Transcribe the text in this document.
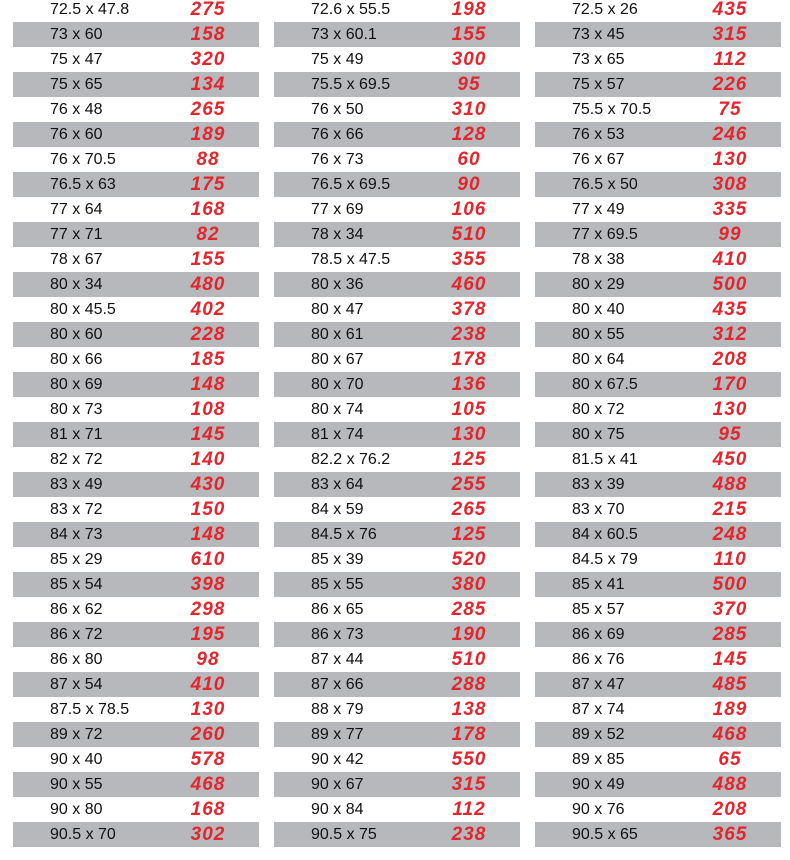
72.5 x 47.8	275
73 x 60	158
75 x 47	320
75 x 65	134
76 x 48	265
76 x 60	189
76 x 70.5	88
76.5 x 63	175
77 x 64	168
77 x 71	82
78 x 67	155
80 x 34	480
80 x 45.5	402
80 x 60	228
80 x 66	185
80 x 69	148
80 x 73	108
81 x 71	145
82 x 72	140
83 x 49	430
83 x 72	150
84 x 73	148
85 x 29	610
85 x 54	398
86 x 62	298
86 x 72	195
86 x 80	98
87 x 54	410
87.5 x 78.5	130
89 x 72	260
90 x 40	578
90 x 55	468
90 x 80	168
90.5 x 70	302
72.6 x 55.5	198
73 x 60.1	155
75 x 49	300
75.5 x 69.5	95
76 x 50	310
76 x 66	128
76 x 73	60
76.5 x 69.5	90
77 x 69	106
78 x 34	510
78.5 x 47.5	355
80 x 36	460
80 x 47	378
80 x 61	238
80 x 67	178
80 x 70	136
80 x 74	105
81 x 74	130
82.2 x 76.2	125
83 x 64	255
84 x 59	265
84.5 x 76	125
85 x 39	520
85 x 55	380
86 x 65	285
86 x 73	190
87 x 44	510
87 x 66	288
88 x 79	138
89 x 77	178
90 x 42	550
90 x 67	315
90 x 84	112
90.5 x 75	238
72.5 x 26	435
73 x 45	315
73 x 65	112
75 x 57	226
75.5 x 70.5	75
76 x 53	246
76 x 67	130
76.5 x 50	308
77 x 49	335
77 x 69.5	99
78 x 38	410
80 x 29	500
80 x 40	435
80 x 55	312
80 x 64	208
80 x 67.5	170
80 x 72	130
80 x 75	95
81.5 x 41	450
83 x 39	488
83 x 70	215
84 x 60.5	248
84.5 x 79	110
85 x 41	500
85 x 57	370
86 x 69	285
86 x 76	145
87 x 47	485
87 x 74	189
89 x 52	468
89 x 85	65
90 x 49	488
90 x 76	208
90.5 x 65	365
